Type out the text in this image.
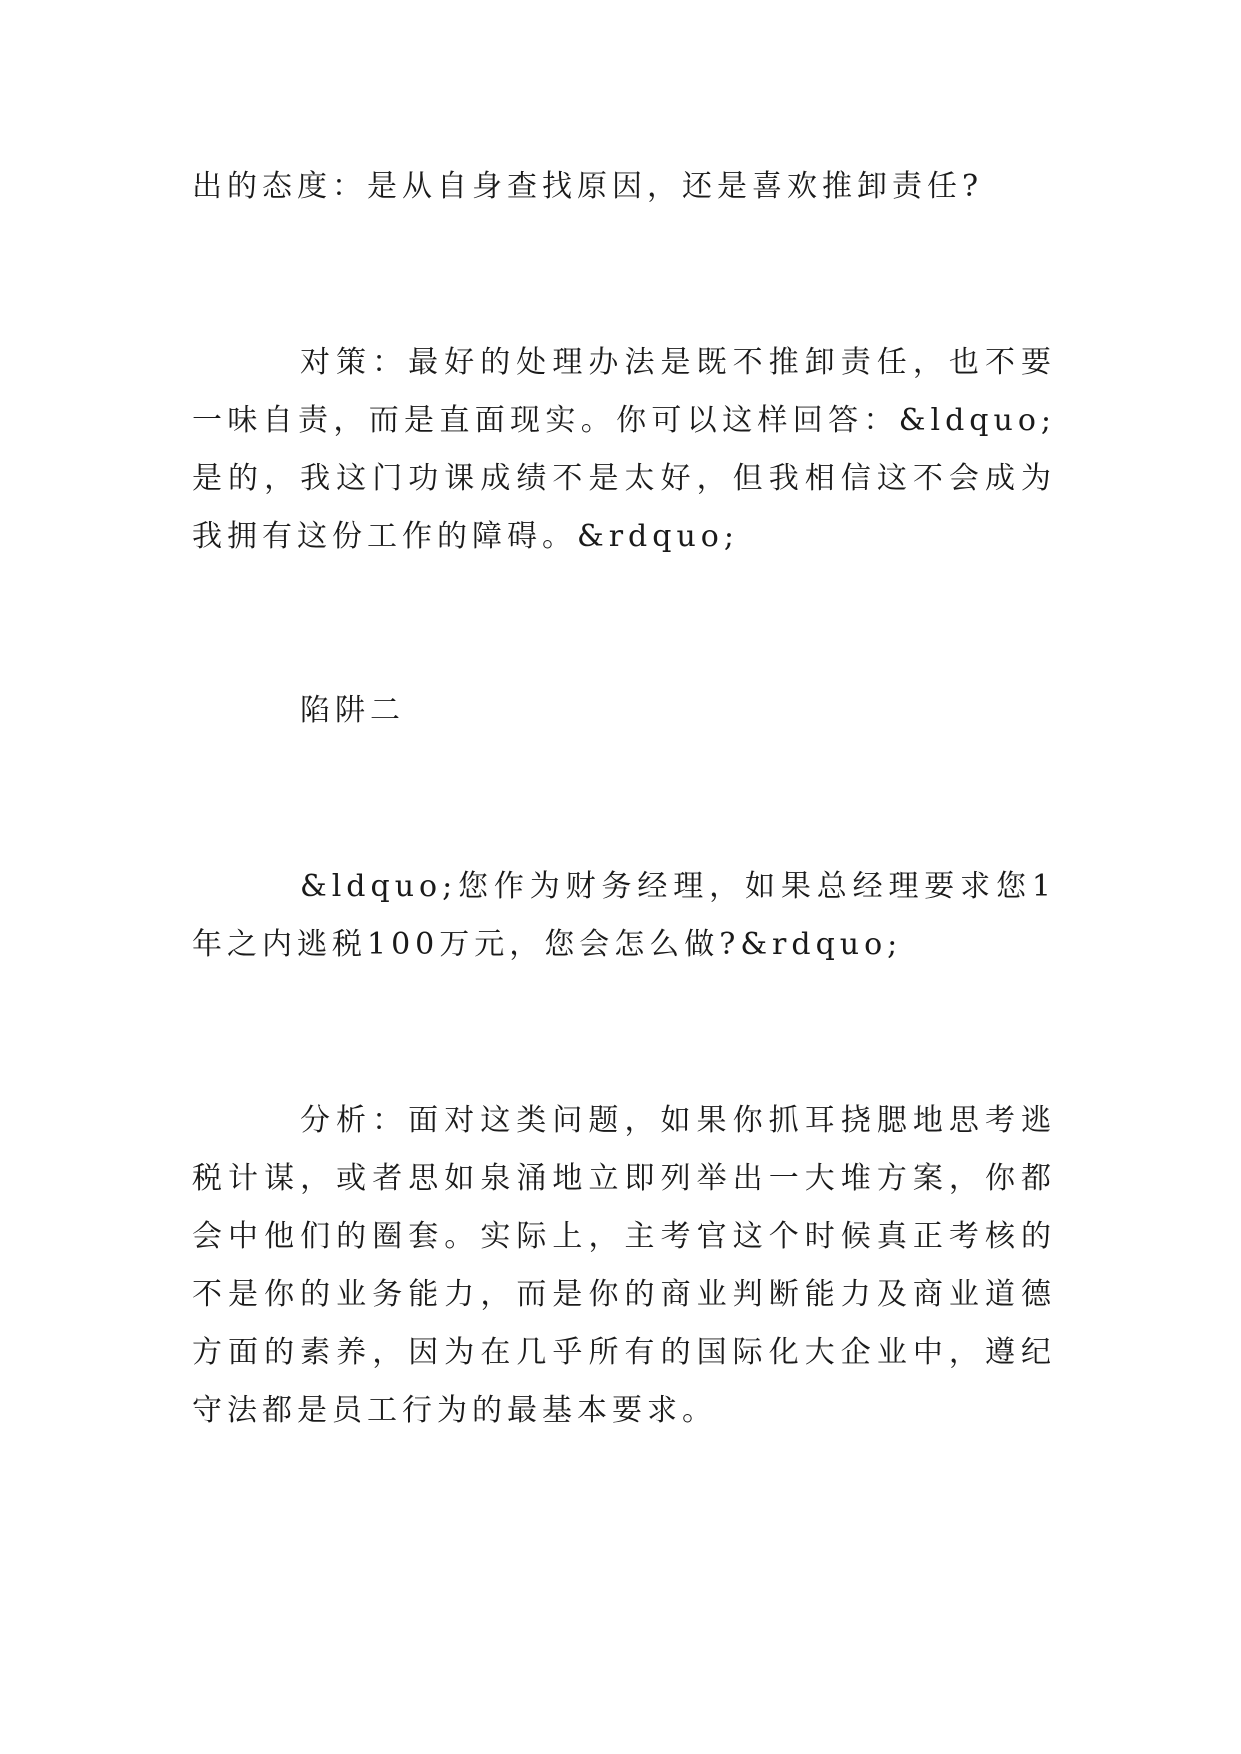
出的态度：是从自身查找原因，还是喜欢推卸责任?

对策：最好的处理办法是既不推卸责任，也不要一味自责，而是直面现实。你可以这样回答：&ldquo;是的，我这门功课成绩不是太好，但我相信这不会成为我拥有这份工作的障碍。&rdquo;

陷阱二

&ldquo;您作为财务经理，如果总经理要求您1年之内逃税100万元，您会怎么做?&rdquo;

分析：面对这类问题，如果你抓耳挠腮地思考逃税计谋，或者思如泉涌地立即列举出一大堆方案，你都会中他们的圈套。实际上，主考官这个时候真正考核的不是你的业务能力，而是你的商业判断能力及商业道德方面的素养，因为在几乎所有的国际化大企业中，遵纪守法都是员工行为的最基本要求。
